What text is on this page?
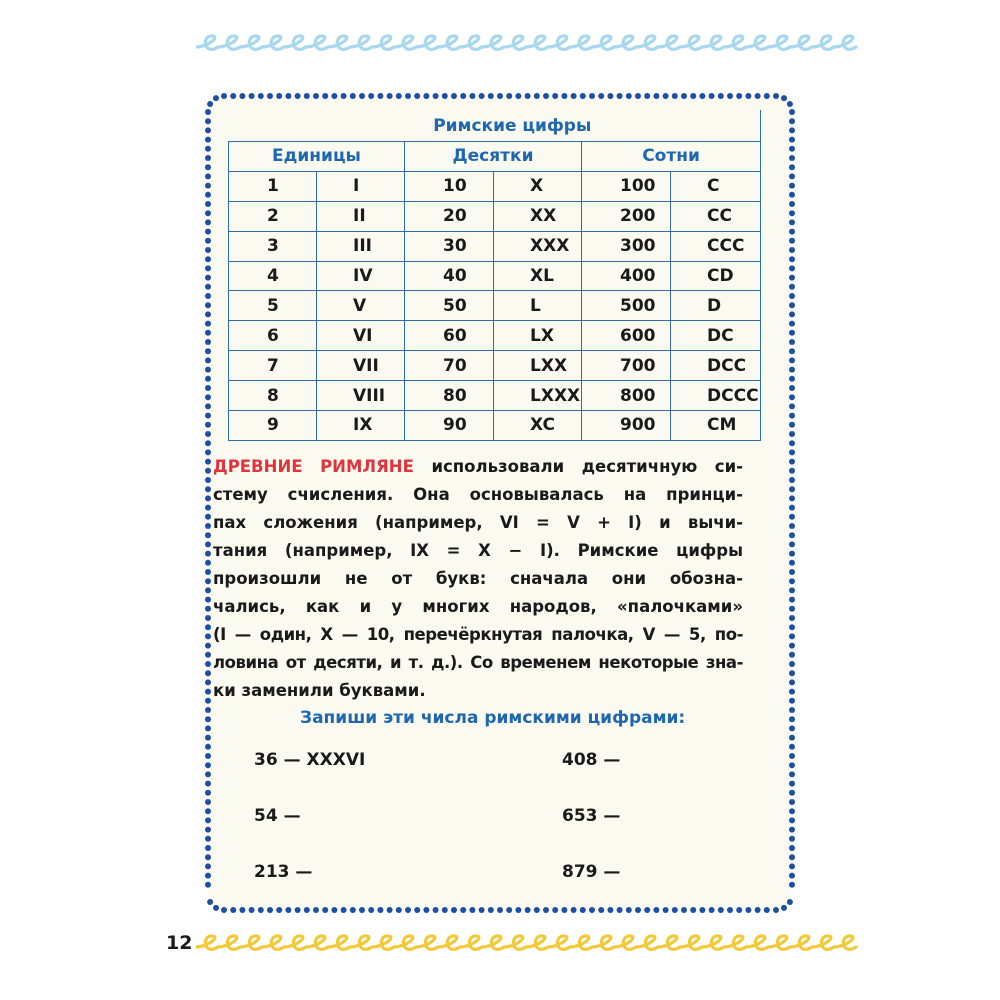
12
Римские цифры					
Единицы		Десятки		Сотни	
1	I	10	X	100	C
2	II	20	XX	200	CC
3	III	30	XXX	300	CCC
4	IV	40	XL	400	CD
5	V	50	L	500	D
6	VI	60	LX	600	DC
7	VII	70	LXX	700	DCC
8	VIII	80	LXXX	800	DCCC
9	IX	90	XC	900	CM
ДРЕВНИЕ РИМЛЯНЕ использовали десятичную си-
стему счисления. Она основывалась на принци-
пах сложения (например, VI = V + I) и вычи-
тания (например, IX = X − I). Римские цифры
произошли не от букв: сначала они обозна-
чались, как и у многих народов, «палочками»
(I — один, X — 10, перечёркнутая палочка, V — 5, по-
ловина от десяти, и т. д.). Со временем некоторые зна-
ки заменили буквами.
Запиши эти числа римскими цифрами:
36 — XXXVI	408 —
54 —	653 —
213 —	879 —
